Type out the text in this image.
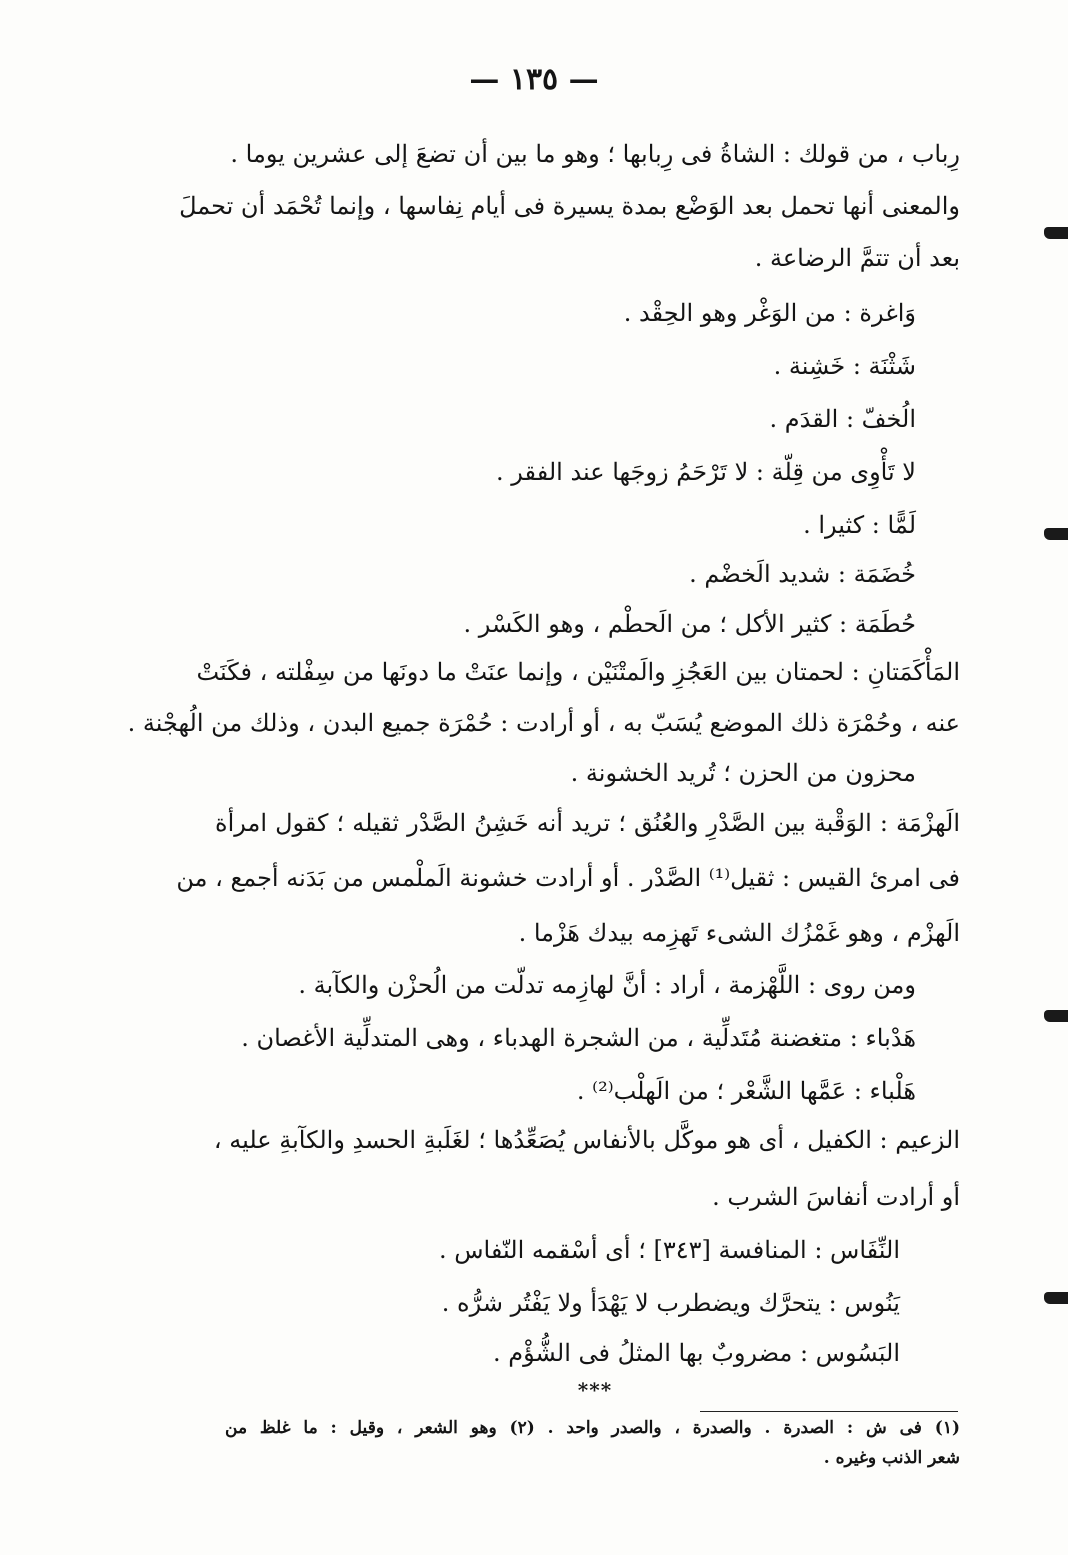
— ١٣٥ —
رِباب ، من قولك : الشاةُ فى رِبابها ؛ وهو ما بين أن تضعَ إلى عشرين يوما .
والمعنى أنها تحمل بعد الوَضْع بمدة يسيرة فى أيام نِفاسها ، وإنما تُحْمَد أن تحملَ
بعد أن تتمَّ الرضاعة .
وَاغرة : من الوَغْر وهو الحِقْد .
شَثْنَة : خَشِنة .
الُخفّ : القدَم .
لا تَأْوِى من قِلّة : لا تَرْحَمُ زوجَها عند الفقر .
لَمًّا : كثيرا .
خُضَمَة : شديد الَخضْم .
حُطَمَة : كثير الأكل ؛ من الَحطْم ، وهو الكَسْر .
المَأْكَمَتانِ : لحمتان بين العَجُزِ والَمتْنَيْن ، وإنما عنَتْ ما دونَها من سِفْلته ، فكَنَتْ
عنه ، وحُمْرَة ذلك الموضع يُسَبّ به ، أو أرادت : حُمْرَة جميع البدن ، وذلك من الُهجْنة .
محزون من الحزن ؛ تُريد الخشونة .
الَهزْمَة : الوَقْبة بين الصَّدْرِ والعُنُق ؛ تريد أنه خَشِنُ الصَّدْر ثقيله ؛ كقول امرأة
فى امرئ القيس : ثقيل⁽¹⁾ الصَّدْر . أو أرادت خشونة الَملْمس من بَدَنه أجمع ، من
الَهزْم ، وهو غَمْزُك الشىء تَهزِمه بيدك هَزْما .
ومن روى : اللَّهْزمة ، أراد : أنَّ لهازِمه تدلّت من الُحزْن والكآبة .
هَدْباء : متغضنة مُتَدلِّية ، من الشجرة الهدباء ، وهى المتدلِّية الأغصان .
هَلْباء : عَمَّها الشَّعْر ؛ من الَهلْب⁽²⁾ .
الزعيم : الكفيل ، أى هو موكَّل بالأنفاس يُصَعِّدُها ؛ لغَلَبةِ الحسدِ والكآبةِ عليه ،
أو أرادت أنفاسَ الشرب .
النِّفَاس : المنافسة [٣٤٣] ؛ أى أسْقمه النّفاس .
يَنُوس : يتحرَّك ويضطرب لا يَهْدَأ ولا يَفْتُر شرُّه .
البَسُوس : مضروبٌ بها المثلُ فى الشُّؤْم .
***
(١) فى ش : الصدرة . والصدرة ، والصدر واحد . (٢) وهو الشعر ، وقيل : ما غلظ من
شعر الذنب وغيره .
